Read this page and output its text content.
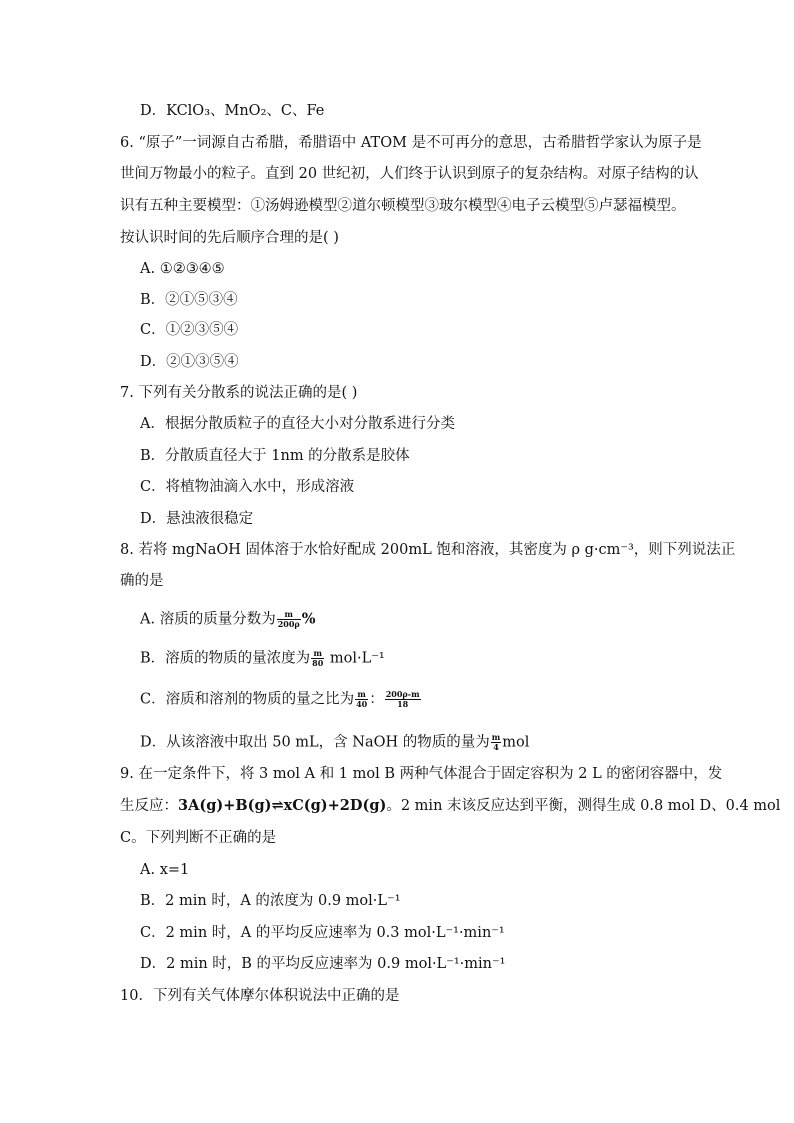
D．KClO₃、MnO₂、C、Fe
6. “原子”一词源自古希腊，希腊语中 ATOM 是不可再分的意思，古希腊哲学家认为原子是
世间万物最小的粒子。直到 20 世纪初，人们终于认识到原子的复杂结构。对原子结构的认
识有五种主要模型：①汤姆逊模型②道尔顿模型③玻尔模型④电子云模型⑤卢瑟福模型。
按认识时间的先后顺序合理的是( )
A. ①②③④⑤
B．②①⑤③④
C．①②③⑤④
D．②①③⑤④
7. 下列有关分散系的说法正确的是( )
A．根据分散质粒子的直径大小对分散系进行分类
B．分散质直径大于 1nm 的分散系是胶体
C．将植物油滴入水中，形成溶液
D．悬浊液很稳定
8. 若将 mgNaOH 固体溶于水恰好配成 200mL 饱和溶液，其密度为 ρ g·cm⁻³，则下列说法正
确的是
A. 溶质的质量分数为 $\frac{m}{200\rho}$ %
B．溶质的物质的量浓度为 $\frac{m}{80} mol\cdot L^{-1}$
C．溶质和溶剂的物质的量之比为 $\frac{m}{40}$ ： $\frac{200\rho-m}{18}$
D．从该溶液中取出 50 mL，含 NaOH 的物质的量为 $\frac{m}{4}$ mol
9. 在一定条件下，将 3 mol A 和 1 mol B 两种气体混合于固定容积为 2 L 的密闭容器中，发
生反应：3A(g)+B(g)⇌xC(g)+2D(g)。2 min 末该反应达到平衡，测得生成 0.8 mol D、0.4 mol
C。下列判断不正确的是
A. x=1
B．2 min 时，A 的浓度为 0.9 mol·L⁻¹
C．2 min 时，A 的平均反应速率为 0.3 mol·L⁻¹·min⁻¹
D．2 min 时，B 的平均反应速率为 0.9 mol·L⁻¹·min⁻¹
10．下列有关气体摩尔体积说法中正确的是
